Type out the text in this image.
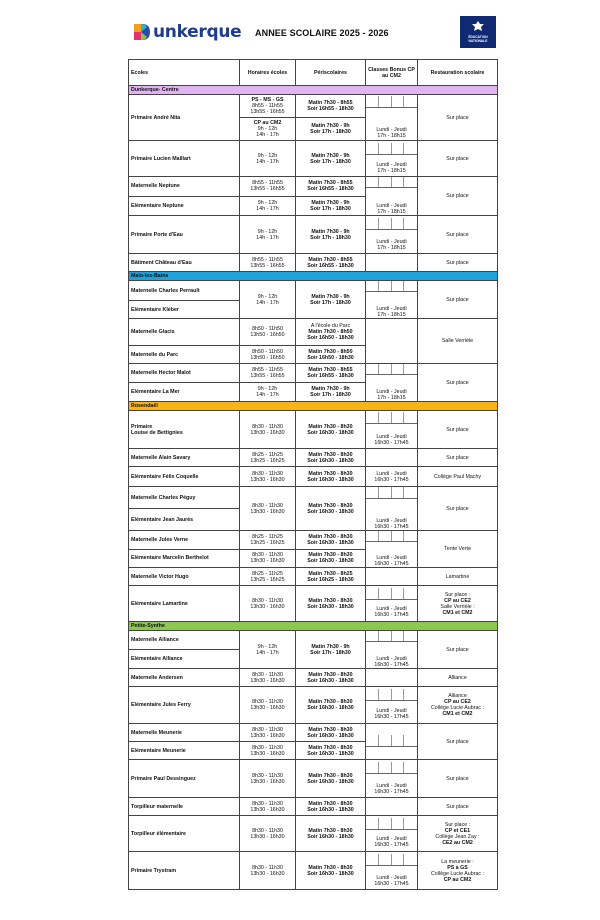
unkerque ANNEE SCOLAIRE 2025 - 2026	ÉDUCATION NATIONALE
Ecoles	Horaires écoles	Périscolaires	Classes Bonus CP au CM2	Restauration scolaire
Dunkerque- Centre				
Primaire André Nita	PS - MS - GS
8h55 - 11h55
13h55 - 16h55	Matin 7h30 - 8h55
Soir 16h55 - 18h30	Lundi - Jeudi
17h - 18h15	Sur place

	CP au CM2
9h - 12h
14h - 17h	Matin 7h30 - 9h
Soir 17h - 18h30		

Primaire Lucien Maillart	9h - 12h
14h - 17h	Matin 7h30 - 9h
Soir 17h - 18h30	Lundi - Jeudi
17h - 18h15	Sur place
Maternelle Neptune	8h55 - 11h55
13h55 - 16h55	Matin 7h30 - 8h55
Soir 16h55 - 18h30	Lundi - Jeudi
17h - 18h15	Sur place
Elémentaire Neptune	9h - 12h
14h - 17h	Matin 7h30 - 9h
Soir 17h - 18h30		

Primaire Porte d'Eau	9h - 12h
14h - 17h	Matin 7h30 - 9h
Soir 17h - 18h30	Lundi - Jeudi
17h - 18h15	Sur place
Bâtiment Château d'Eau	8h55 - 11h55
13h55 - 16h55	Matin 7h30 - 8h55
Soir 16h55 - 18h30		Sur place
Malo-les-Bains				
Maternelle Charles Perrault	9h - 12h
14h - 17h	Matin 7h30 - 9h
Soir 17h - 18h30	Lundi - Jeudi
17h - 18h15	Sur place
Elémentaire Kléber				
Maternelle Glacis	8h50 - 11h50
13h50 - 16h50	A l'école du Parc
Matin 7h30 - 8h50
Soir 16h50 - 18h30		Salle Verrièle
Maternelle du Parc	8h50 - 11h50
13h50 - 16h50	Matin 7h30 - 8h50
Soir 16h50 - 18h30		

Maternelle Hector Malot	8h55 - 11h55
13h55 - 16h55	Matin 7h30 - 8h55
Soir 16h55 - 18h30	Lundi - Jeudi
17h - 18h15	Sur place
Elémentaire La Mer	9h - 12h
14h - 17h	Matin 7h30 - 9h
Soir 17h - 18h30		

Rosendaël				

Primaire
Louise de Bettignies	8h30 - 11h30
13h30 - 16h30	Matin 7h30 - 8h30
Soir 16h30 - 18h30	Lundi - Jeudi
16h30 - 17h45	Sur place
Maternelle Alain Savary	8h25 - 11h25
13h25 - 16h25	Matin 7h30 - 8h30
Soir 16h30 - 18h30		Sur place
Elémentaire Félix Coquelle	8h30 - 11h30
13h30 - 16h30	Matin 7h30 - 8h30
Soir 16h30 - 18h30	Lundi - Jeudi
16h30 - 17h45	Collège Paul Machy
Maternelle Charles Péguy	8h30 - 11h30
13h30 - 16h30	Matin 7h30 - 8h30
Soir 16h30 - 18h30	Lundi - Jeudi
16h30 - 17h45	Sur place
Elémentaire Jean Jaurès				
Maternelle Jules Verne	8h25 - 11h25
13h25 - 16h25	Matin 7h30 - 8h30
Soir 16h30 - 18h30	Lundi - Jeudi
16h30 - 17h45	Tente Verte
Elémentaire Marcelin Berthelot	8h30 - 11h30
13h30 - 16h30	Matin 7h30 - 8h30
Soir 16h30 - 18h30		

Maternelle Victor Hugo	8h25 - 11h25
13h25 - 16h25	Matin 7h30 - 8h25
Soir 16h25 - 18h30		Lamartine
Elémentaire Lamartine	8h30 - 11h30
13h30 - 16h30	Matin 7h30 - 8h30
Soir 16h30 - 18h30	Lundi - Jeudi
16h30 - 17h45	Sur place :
CP au CE2
Salle Verrièle :
CM1 et CM2

Petite-Synthe				
Maternelle Alliance	9h - 12h
14h - 17h	Matin 7h30 - 9h
Soir 17h - 18h30	Lundi - Jeudi
16h30 - 17h45	Sur place
Elémentaire Alliance				
Maternelle Andersen	8h30 - 11h30
13h30 - 16h30	Matin 7h30 - 8h30
Soir 16h30 - 18h30		Alliance
Elémentaire Jules Ferry	8h30 - 11h30
13h30 - 16h30	Matin 7h30 - 8h30
Soir 16h30 - 18h30	Lundi - Jeudi
16h30 - 17h45	Alliance
CP au CE2
Collège Lucie Aubrac :
CM1 et CM2

Maternelle Meunerie	8h30 - 11h30
13h30 - 16h30	Matin 7h30 - 8h30
Soir 16h30 - 18h30		Sur place
Elémentaire Meunerie	8h30 - 11h30
13h30 - 16h30	Matin 7h30 - 8h30
Soir 16h30 - 18h30		

Primaire Paul Dessinguez	8h30 - 11h30
13h30 - 16h30	Matin 7h30 - 8h30
Soir 16h30 - 18h30	Lundi - Jeudi
16h30 - 17h45	Sur place
Torpilleur maternelle	8h30 - 11h30
13h30 - 16h30	Matin 7h30 - 8h30
Soir 16h30 - 18h30		Sur place
Torpilleur élémentaire	8h30 - 11h30
13h30 - 16h30	Matin 7h30 - 8h30
Soir 16h30 - 18h30	Lundi - Jeudi
16h30 - 17h45	Sur place :
CP et CE1
Collège Jean Zay :
CE2 au CM2

Primaire Trystram	8h30 - 11h30
13h30 - 16h30	Matin 7h30 - 8h30
Soir 16h30 - 18h30	Lundi - Jeudi
16h30 - 17h45	La meunerie :
PS à GS
Collège Lucie Aubrac :
CP au CM2
